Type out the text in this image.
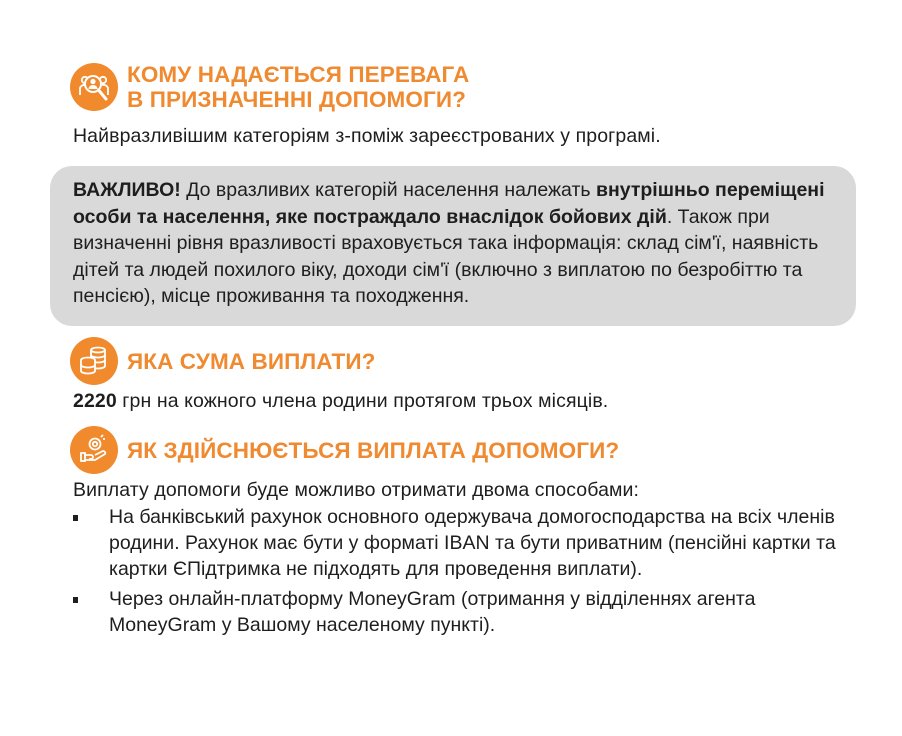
КОМУ НАДАЄТЬСЯ ПЕРЕВАГА
В ПРИЗНАЧЕННІ ДОПОМОГИ?
Найвразливішим категоріям з-поміж зареєстрованих у програмі.
ВАЖЛИВО! До вразливих категорій населення належать внутрішньо переміщені особи та населення, яке постраждало внаслідок бойових дій. Також при визначенні рівня вразливості враховується така інформація: склад сім'ї, наявність дітей та людей похилого віку, доходи сім'ї (включно з виплатою по безробіттю та пенсією), місце проживання та походження.
ЯКА СУМА ВИПЛАТИ?
2220 грн на кожного члена родини протягом трьох місяців.
ЯК ЗДІЙСНЮЄТЬСЯ ВИПЛАТА ДОПОМОГИ?
Виплату допомоги буде можливо отримати двома способами:
На банківський рахунок основного одержувача домогосподарства на всіх членів родини. Рахунок має бути у форматі IBAN та бути приватним (пенсійні картки та картки ЄПідтримка не підходять для проведення виплати).
Через онлайн-платформу MoneyGram (отримання у відділеннях агента MoneyGram у Вашому населеному пункті).
